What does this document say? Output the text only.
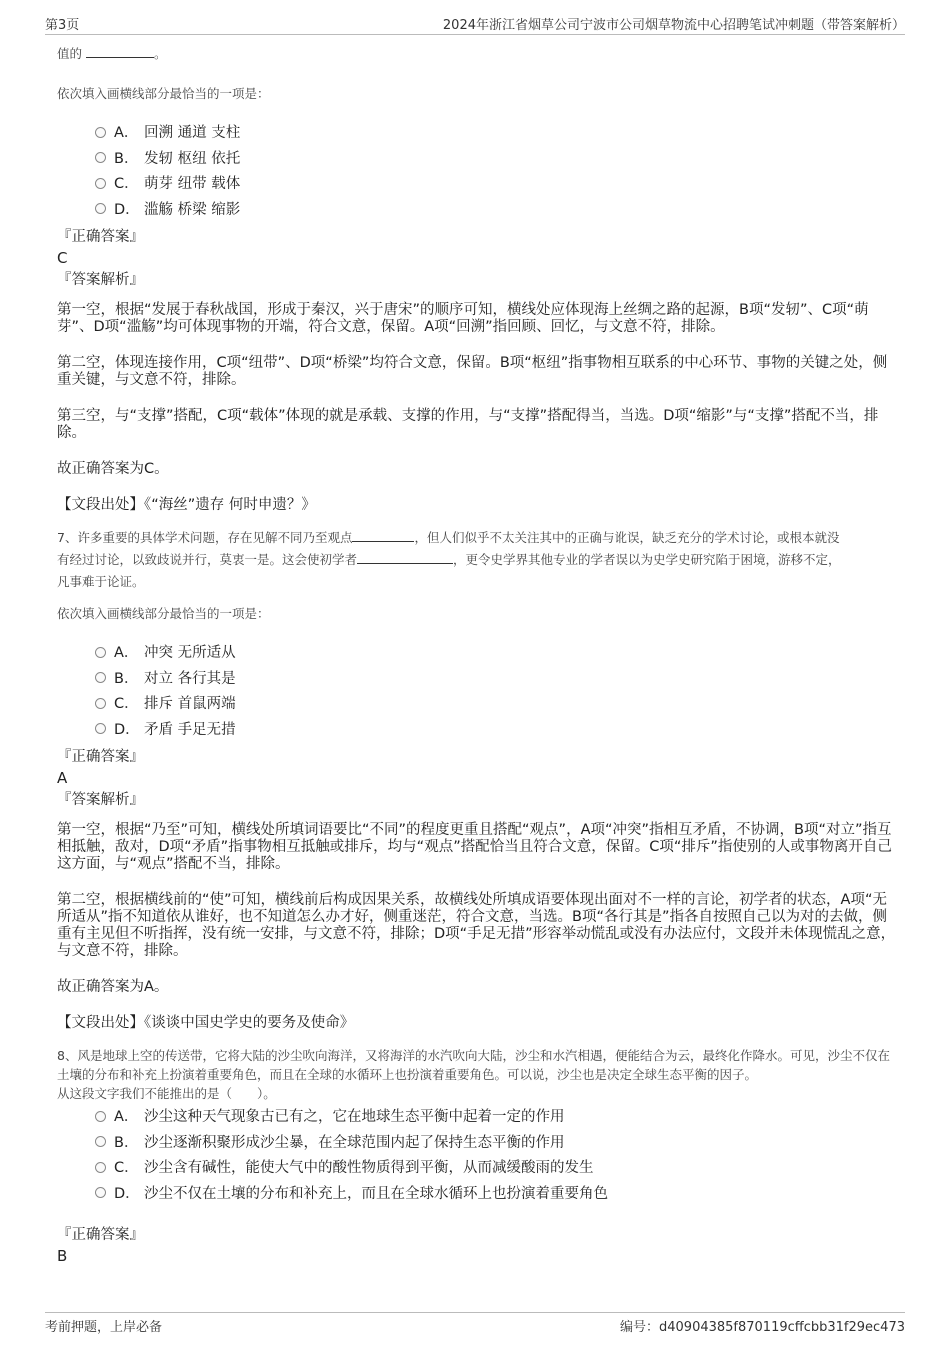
第3页	2024年浙江省烟草公司宁波市公司烟草物流中心招聘笔试冲刺题（带答案解析）
值的	。
依次填入画横线部分最恰当的一项是：
A． 回溯 通道 支柱
B． 发轫 枢纽 依托
C． 萌芽 纽带 载体
D． 滥觞 桥梁 缩影
『正确答案』
C
『答案解析』

第一空，根据“发展于春秋战国，形成于秦汉，兴于唐宋”的顺序可知，横线处应体现海上丝绸之路的起源，B项“发轫”、C项“萌芽”、D项“滥觞”均可体现事物的开端，符合文意，保留。A项“回溯”指回顾、回忆，与文意不符，排除。

第二空，体现连接作用，C项“纽带”、D项“桥梁”均符合文意，保留。B项“枢纽”指事物相互联系的中心环节、事物的关键之处，侧重关键，与文意不符，排除。

第三空，与“支撑”搭配，C项“载体”体现的就是承载、支撑的作用，与“支撑”搭配得当，当选。D项“缩影”与“支撑”搭配不当，排除。

故正确答案为C。

【文段出处】《“海丝”遗存 何时申遗？》

7、许多重要的具体学术问题，存在见解不同乃至观点	，但人们似乎不太关注其中的正确与讹误，缺乏充分的学术讨论，或根本就没
有经过讨论，以致歧说并行，莫衷一是。这会使初学者	，更令史学界其他专业的学者误以为史学史研究陷于困境，游移不定，
凡事难于论证。
依次填入画横线部分最恰当的一项是：
A． 冲突 无所适从
B． 对立 各行其是
C． 排斥 首鼠两端
D． 矛盾 手足无措
『正确答案』
A
『答案解析』

第一空，根据“乃至”可知，横线处所填词语要比“不同”的程度更重且搭配“观点”，A项“冲突”指相互矛盾，不协调，B项“对立”指互相抵触，敌对，D项“矛盾”指事物相互抵触或排斥，均与“观点”搭配恰当且符合文意，保留。C项“排斥”指使别的人或事物离开自己这方面，与“观点”搭配不当，排除。

第二空，根据横线前的“使”可知，横线前后构成因果关系，故横线处所填成语要体现出面对不一样的言论，初学者的状态，A项“无所适从”指不知道依从谁好，也不知道怎么办才好，侧重迷茫，符合文意，当选。B项“各行其是”指各自按照自己以为对的去做，侧重有主见但不听指挥，没有统一安排，与文意不符，排除；D项“手足无措”形容举动慌乱或没有办法应付，文段并未体现慌乱之意，与文意不符，排除。

故正确答案为A。

【文段出处】《谈谈中国史学史的要务及使命》

8、风是地球上空的传送带，它将大陆的沙尘吹向海洋，又将海洋的水汽吹向大陆，沙尘和水汽相遇，便能结合为云，最终化作降水。可见，沙尘不仅在土壤的分布和补充上扮演着重要角色，而且在全球的水循环上也扮演着重要角色。可以说，沙尘也是决定全球生态平衡的因子。
从这段文字我们不能推出的是（　　）。
A． 沙尘这种天气现象古已有之，它在地球生态平衡中起着一定的作用
B． 沙尘逐渐积聚形成沙尘暴，在全球范围内起了保持生态平衡的作用
C． 沙尘含有碱性，能使大气中的酸性物质得到平衡，从而减缓酸雨的发生
D． 沙尘不仅在土壤的分布和补充上，而且在全球水循环上也扮演着重要角色
『正确答案』
B
考前押题，上岸必备	编号：d40904385f870119cffcbb31f29ec473
